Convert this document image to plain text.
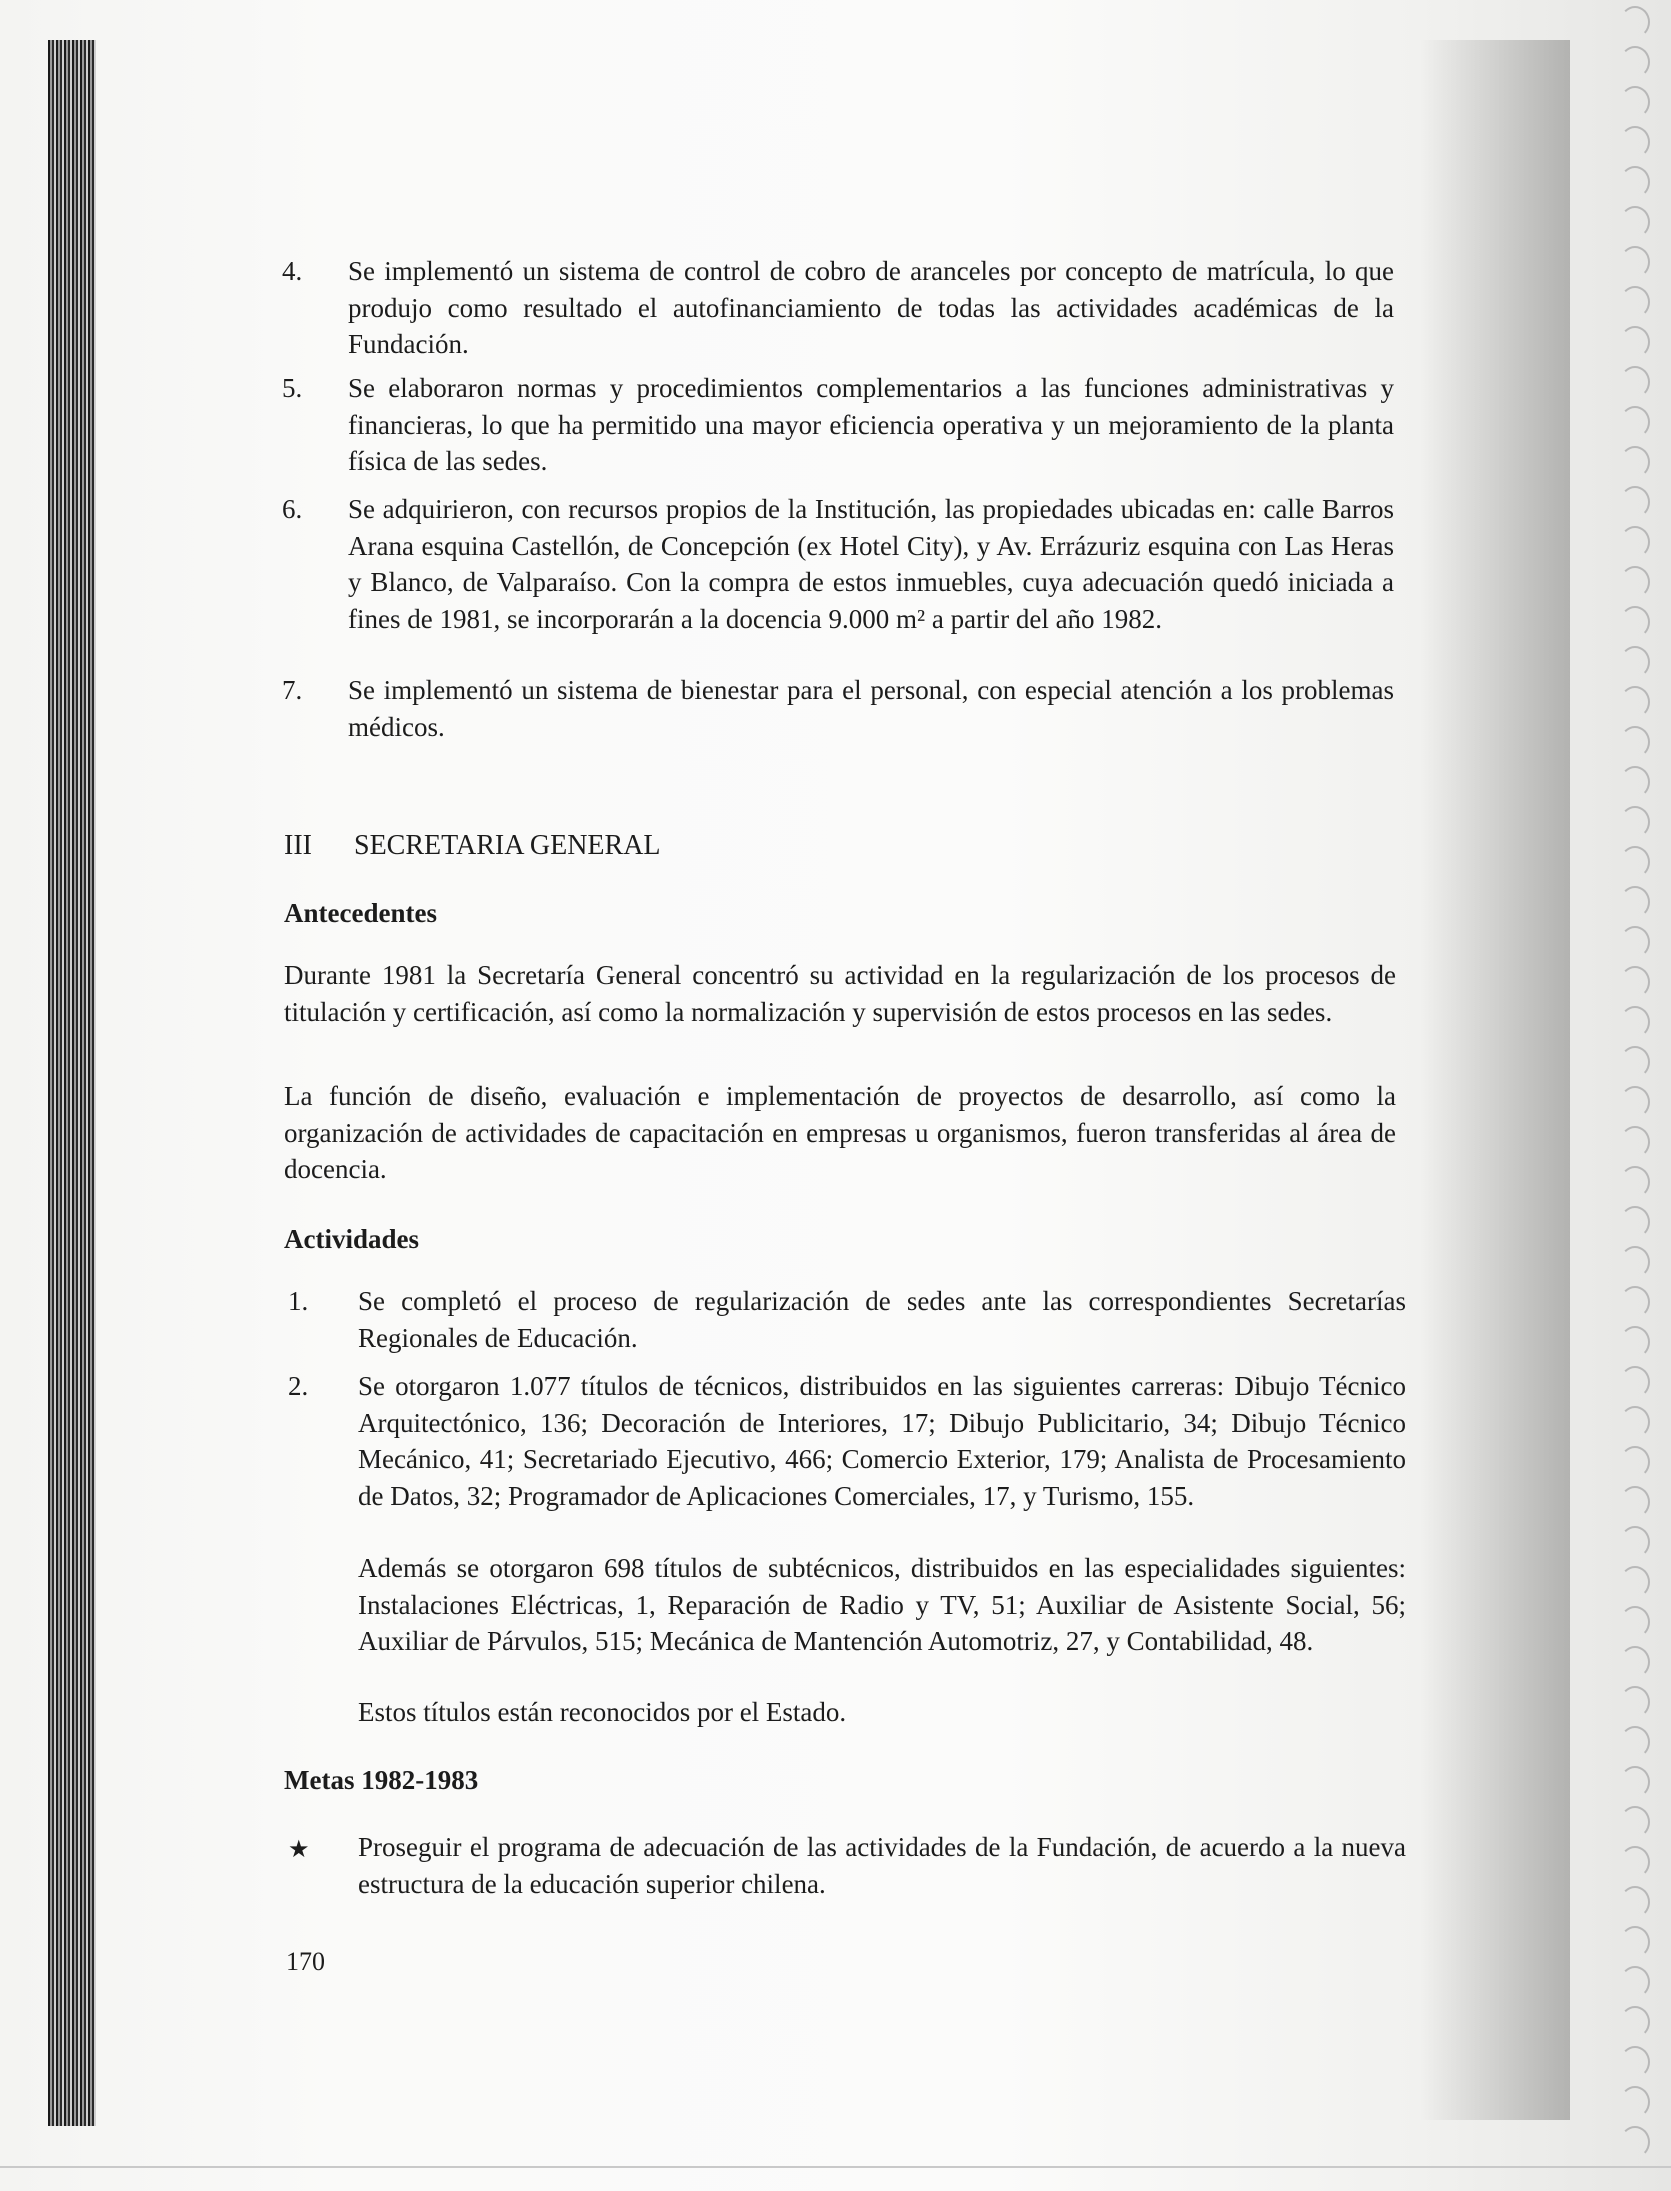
4. Se implementó un sistema de control de cobro de aranceles por concepto de matrícula, lo que produjo como resultado el autofinanciamiento de todas las actividades académicas de la Fundación.
5. Se elaboraron normas y procedimientos complementarios a las funciones administrativas y financieras, lo que ha permitido una mayor eficiencia operativa y un mejoramiento de la planta física de las sedes.
6. Se adquirieron, con recursos propios de la Institución, las propiedades ubicadas en: calle Barros Arana esquina Castellón, de Concepción (ex Hotel City), y Av. Errázuriz esquina con Las Heras y Blanco, de Valparaíso. Con la compra de estos inmuebles, cuya adecuación quedó iniciada a fines de 1981, se incorporarán a la docencia 9.000 m² a partir del año 1982.
7. Se implementó un sistema de bienestar para el personal, con especial atención a los problemas médicos.
III SECRETARIA GENERAL
Antecedentes
Durante 1981 la Secretaría General concentró su actividad en la regularización de los procesos de titulación y certificación, así como la normalización y supervisión de estos procesos en las sedes.
La función de diseño, evaluación e implementación de proyectos de desarrollo, así como la organización de actividades de capacitación en empresas u organismos, fueron transferidas al área de docencia.
Actividades
1. Se completó el proceso de regularización de sedes ante las correspondientes Secretarías Regionales de Educación.
2. Se otorgaron 1.077 títulos de técnicos, distribuidos en las siguientes carreras: Dibujo Técnico Arquitectónico, 136; Decoración de Interiores, 17; Dibujo Publicitario, 34; Dibujo Técnico Mecánico, 41; Secretariado Ejecutivo, 466; Comercio Exterior, 179; Analista de Procesamiento de Datos, 32; Programador de Aplicaciones Comerciales, 17, y Turismo, 155.
Además se otorgaron 698 títulos de subtécnicos, distribuidos en las especialidades siguientes: Instalaciones Eléctricas, 1, Reparación de Radio y TV, 51; Auxiliar de Asistente Social, 56; Auxiliar de Párvulos, 515; Mecánica de Mantención Automotriz, 27, y Contabilidad, 48.
Estos títulos están reconocidos por el Estado.
Metas 1982-1983
★ Proseguir el programa de adecuación de las actividades de la Fundación, de acuerdo a la nueva estructura de la educación superior chilena.
170
